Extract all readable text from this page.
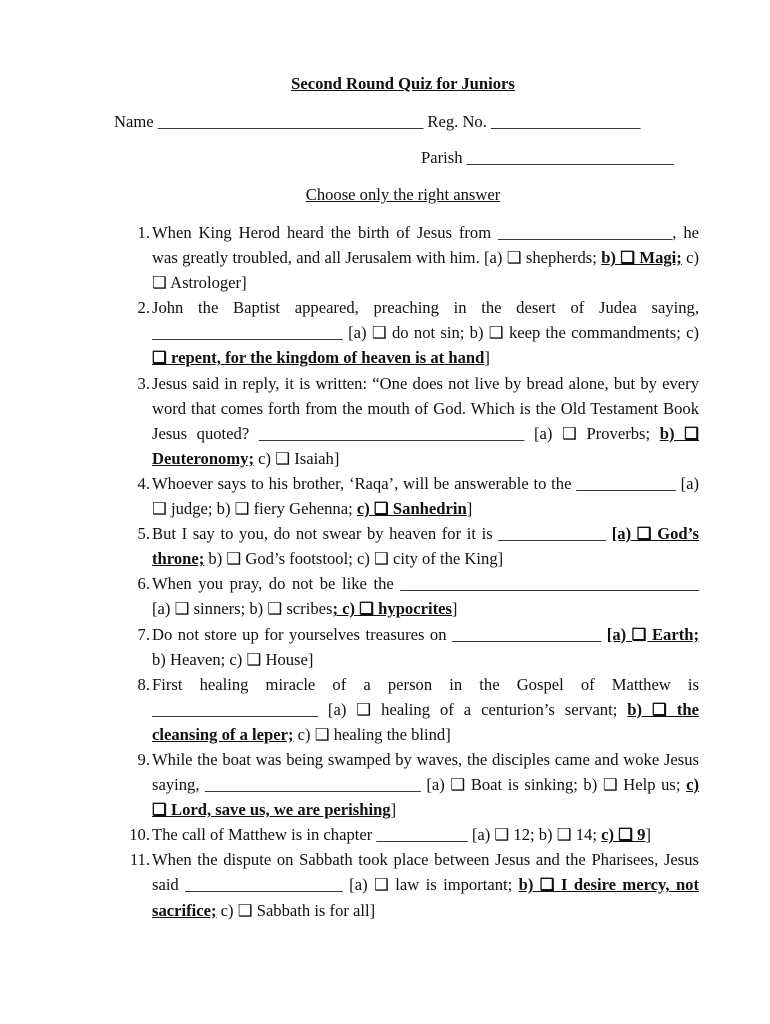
Second Round Quiz for Juniors
Name ________________________________ Reg. No. __________________
Parish _________________________
Choose only the right answer
1. When King Herod heard the birth of Jesus from _____________________, he was greatly troubled, and all Jerusalem with him. [a) ❑ shepherds; b) ❑ Magi; c) ❑ Astrologer]
2. John the Baptist appeared, preaching in the desert of Judea saying, _______________________ [a) ❑ do not sin; b) ❑ keep the commandments; c) ❑ repent, for the kingdom of heaven is at hand]
3. Jesus said in reply, it is written: “One does not live by bread alone, but by every word that comes forth from the mouth of God. Which is the Old Testament Book Jesus quoted? ________________________________ [a) ❑ Proverbs; b) ❑ Deuteronomy; c) ❑ Isaiah]
4. Whoever says to his brother, ‘Raqa’, will be answerable to the ____________ [a) ❑ judge; b) ❑ fiery Gehenna; c) ❑ Sanhedrin]
5. But I say to you, do not swear by heaven for it is _____________ [a) ❑ God’s throne; b) ❑ God’s footstool; c) ❑ city of the King]
6. When you pray, do not be like the ____________________________________ [a) ❑ sinners; b) ❑ scribes; c) ❑ hypocrites]
7. Do not store up for yourselves treasures on __________________ [a) ❑ Earth; b) Heaven; c) ❑ House]
8. First healing miracle of a person in the Gospel of Matthew is ____________________ [a) ❑ healing of a centurion’s servant; b) ❑ the cleansing of a leper; c) ❑ healing the blind]
9. While the boat was being swamped by waves, the disciples came and woke Jesus saying, __________________________ [a) ❑ Boat is sinking; b) ❑ Help us; c) ❑ Lord, save us, we are perishing]
10. The call of Matthew is in chapter ___________ [a) ❑ 12; b) ❑ 14; c) ❑ 9]
11. When the dispute on Sabbath took place between Jesus and the Pharisees, Jesus said ___________________ [a) ❑ law is important; b) ❑ I desire mercy, not sacrifice; c) ❑ Sabbath is for all]
